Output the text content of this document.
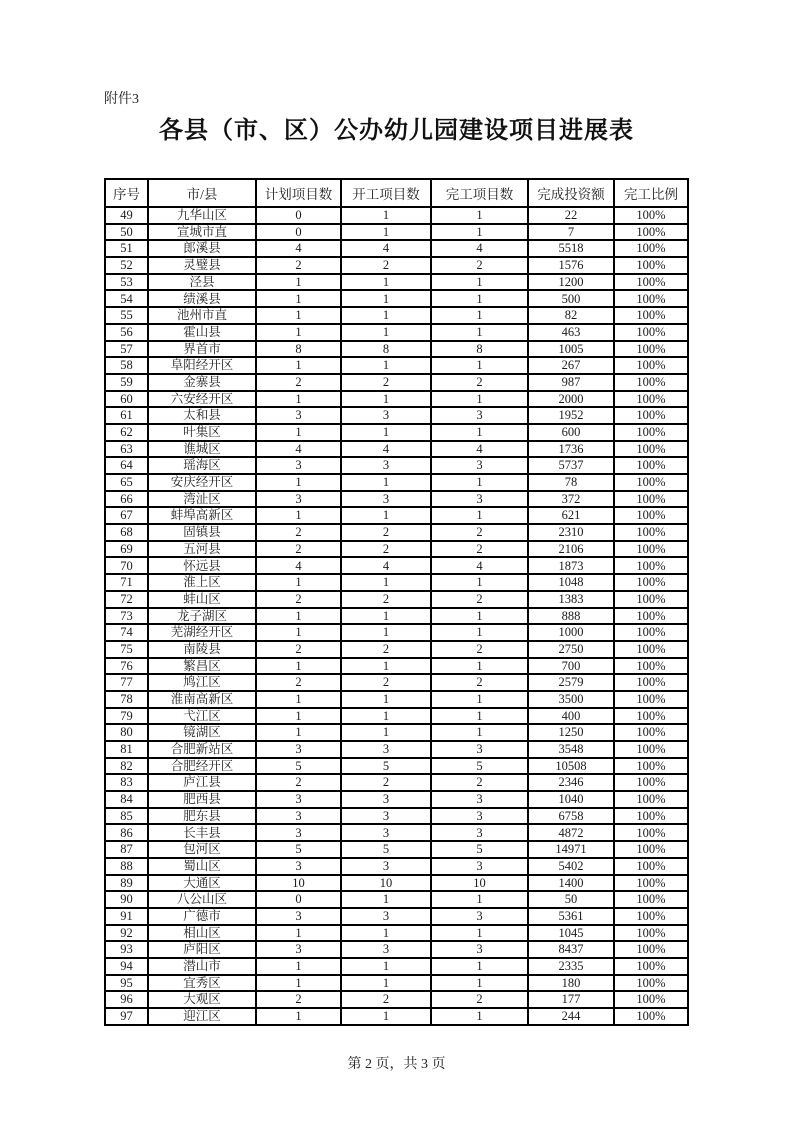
附件3
各县（市、区）公办幼儿园建设项目进展表
序号	市/县	计划项目数	开工项目数	完工项目数	完成投资额	完工比例
49	九华山区	0	1	1	22	100%
50	宣城市直	0	1	1	7	100%
51	郎溪县	4	4	4	5518	100%
52	灵璧县	2	2	2	1576	100%
53	泾县	1	1	1	1200	100%
54	绩溪县	1	1	1	500	100%
55	池州市直	1	1	1	82	100%
56	霍山县	1	1	1	463	100%
57	界首市	8	8	8	1005	100%
58	阜阳经开区	1	1	1	267	100%
59	金寨县	2	2	2	987	100%
60	六安经开区	1	1	1	2000	100%
61	太和县	3	3	3	1952	100%
62	叶集区	1	1	1	600	100%
63	谯城区	4	4	4	1736	100%
64	瑶海区	3	3	3	5737	100%
65	安庆经开区	1	1	1	78	100%
66	湾沚区	3	3	3	372	100%
67	蚌埠高新区	1	1	1	621	100%
68	固镇县	2	2	2	2310	100%
69	五河县	2	2	2	2106	100%
70	怀远县	4	4	4	1873	100%
71	淮上区	1	1	1	1048	100%
72	蚌山区	2	2	2	1383	100%
73	龙子湖区	1	1	1	888	100%
74	芜湖经开区	1	1	1	1000	100%
75	南陵县	2	2	2	2750	100%
76	繁昌区	1	1	1	700	100%
77	鸠江区	2	2	2	2579	100%
78	淮南高新区	1	1	1	3500	100%
79	弋江区	1	1	1	400	100%
80	镜湖区	1	1	1	1250	100%
81	合肥新站区	3	3	3	3548	100%
82	合肥经开区	5	5	5	10508	100%
83	庐江县	2	2	2	2346	100%
84	肥西县	3	3	3	1040	100%
85	肥东县	3	3	3	6758	100%
86	长丰县	3	3	3	4872	100%
87	包河区	5	5	5	14971	100%
88	蜀山区	3	3	3	5402	100%
89	大通区	10	10	10	1400	100%
90	八公山区	0	1	1	50	100%
91	广德市	3	3	3	5361	100%
92	相山区	1	1	1	1045	100%
93	庐阳区	3	3	3	8437	100%
94	潜山市	1	1	1	2335	100%
95	宜秀区	1	1	1	180	100%
96	大观区	2	2	2	177	100%
97	迎江区	1	1	1	244	100%
第 2 页，共 3 页
